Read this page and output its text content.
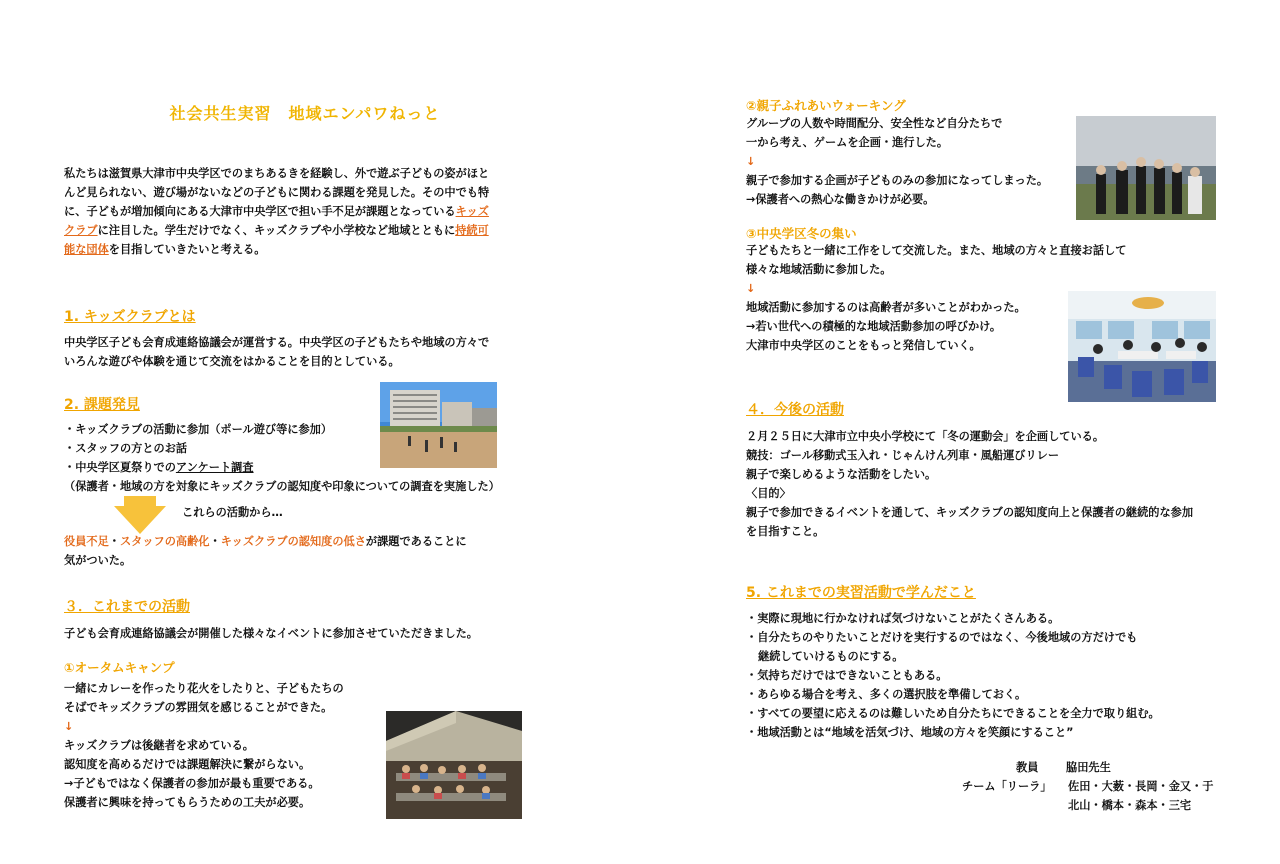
社会共生実習　地域エンパワねっと
私たちは滋賀県大津市中央学区でのまちあるきを経験し、外で遊ぶ子どもの姿がほと
んど見られない、遊び場がないなどの子どもに関わる課題を発見した。その中でも特
に、子どもが増加傾向にある大津市中央学区で担い手不足が課題となっているキッズ
クラブに注目した。学生だけでなく、キッズクラブや小学校など地域とともに持続可
能な団体を目指していきたいと考える。
1. キッズクラブとは
中央学区子ども会育成連絡協議会が運営する。中央学区の子どもたちや地域の方々で
いろんな遊びや体験を通じて交流をはかることを目的としている。
2. 課題発見
・キッズクラブの活動に参加（ポール遊び等に参加）
・スタッフの方とのお話
・中央学区夏祭りでのアンケート調査
（保護者・地域の方を対象にキッズクラブの認知度や印象についての調査を実施した）
これらの活動から…
役員不足・スタッフの高齢化・キッズクラブの認知度の低さが課題であることに
気がついた。
３．これまでの活動
子ども会育成連絡協議会が開催した様々なイベントに参加させていただきました。
①オータムキャンプ
一緒にカレーを作ったり花火をしたりと、子どもたちの
そばでキッズクラブの雰囲気を感じることができた。
↓
キッズクラブは後継者を求めている。
認知度を高めるだけでは課題解決に繋がらない。
→子どもではなく保護者の参加が最も重要である。
保護者に興味を持ってもらうための工夫が必要。
②親子ふれあいウォーキング
グループの人数や時間配分、安全性など自分たちで
一から考え、ゲームを企画・進行した。
↓
親子で参加する企画が子どものみの参加になってしまった。
→保護者への熱心な働きかけが必要。
③中央学区冬の集い
子どもたちと一緒に工作をして交流した。また、地域の方々と直接お話して
様々な地域活動に参加した。
↓
地域活動に参加するのは高齢者が多いことがわかった。
→若い世代への積極的な地域活動参加の呼びかけ。
大津市中央学区のことをもっと発信していく。
４．今後の活動
２月２５日に大津市立中央小学校にて「冬の運動会」を企画している。
競技：ゴール移動式玉入れ・じゃんけん列車・風船運びリレー
親子で楽しめるような活動をしたい。
〈目的〉
親子で参加できるイベントを通して、キッズクラブの認知度向上と保護者の継続的な参加
を目指すこと。
5. これまでの実習活動で学んだこと
・実際に現地に行かなければ気づけないことがたくさんある。
・自分たちのやりたいことだけを実行するのではなく、今後地域の方だけでも
継続していけるものにする。
・気持ちだけではできないこともある。
・あらゆる場合を考え、多くの選択肢を準備しておく。
・すべての要望に応えるのは難しいため自分たちにできることを全力で取り組む。
・地域活動とは“地域を活気づけ、地域の方々を笑顔にすること”
教員 脇田先生
チーム「リーラ」 佐田・大薮・長岡・金又・于
北山・橋本・森本・三宅
